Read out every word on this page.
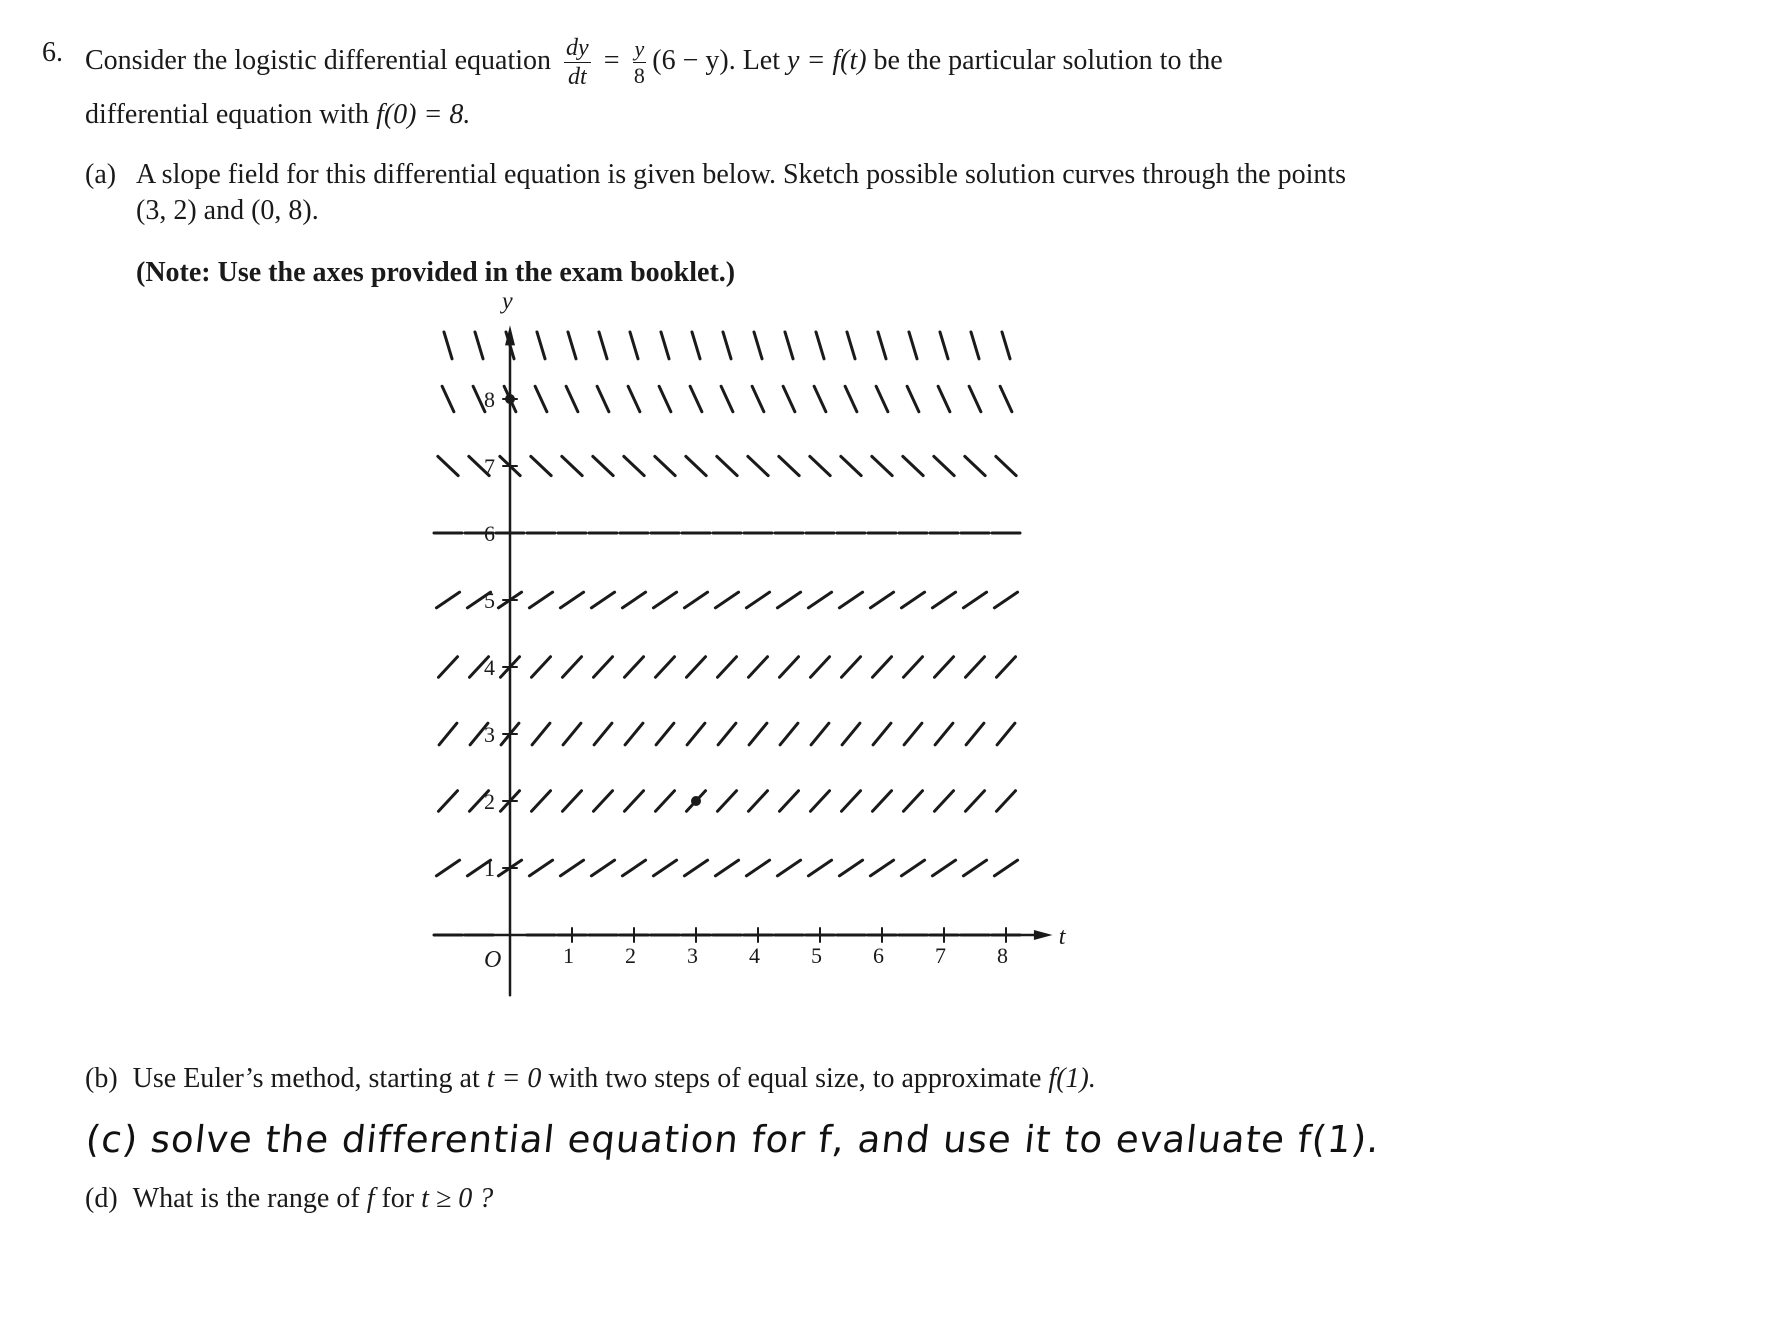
6. Consider the logistic differential equation $\frac{dy}{dt} = \frac{y}{8} (6 - y)$. Let y = f(t) be the particular solution to the
differential equation with f(0) = 8.
(a) A slope field for this differential equation is given below. Sketch possible solution curves through the points
(3, 2) and (0, 8).
(Note: Use the axes provided in the exam booklet.)
1 2 3 4 5 6 7 8
1
2
3
4
5
6
7
8
O
t
y
(b) Use Euler’s method, starting at t = 0 with two steps of equal size, to approximate f(1).
(c) solve the differential equation for f, and use it to evaluate f(1).
(d) What is the range of f for t ≥ 0 ?
